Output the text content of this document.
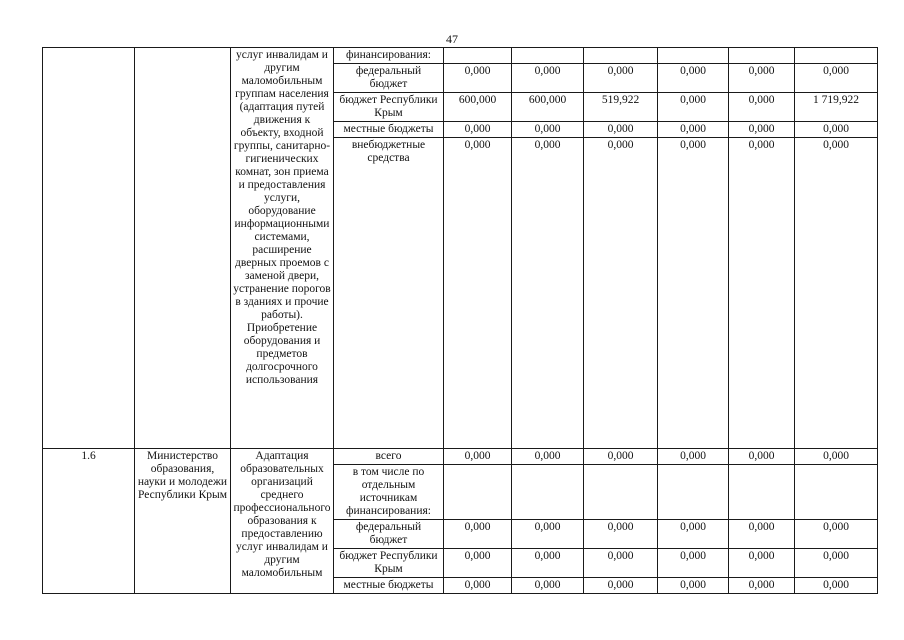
47
		услуг инвалидам и другим маломобильным группам населения (адаптация путей движения к объекту, входной группы, санитарно-гигиенических комнат, зон приема и предоставления услуги, оборудование информационными системами, расширение дверных проемов с заменой двери, устранение порогов в зданиях и прочие работы). Приобретение оборудования и предметов долгосрочного использования	финансирования:						
			федеральный бюджет	0,000	0,000	0,000	0,000	0,000	0,000
			бюджет Республики Крым	600,000	600,000	519,922	0,000	0,000	1 719,922
			местные бюджеты	0,000	0,000	0,000	0,000	0,000	0,000
			внебюджетные средства	0,000	0,000	0,000	0,000	0,000	0,000
1.6	Министерство образования, науки и молодежи Республики Крым	Адаптация образовательных организаций среднего профессионального образования к предоставлению услуг инвалидам и другим маломобильным	всего	0,000	0,000	0,000	0,000	0,000	0,000
			в том числе по отдельным источникам финансирования:						
			федеральный бюджет	0,000	0,000	0,000	0,000	0,000	0,000
			бюджет Республики Крым	0,000	0,000	0,000	0,000	0,000	0,000
			местные бюджеты	0,000	0,000	0,000	0,000	0,000	0,000
